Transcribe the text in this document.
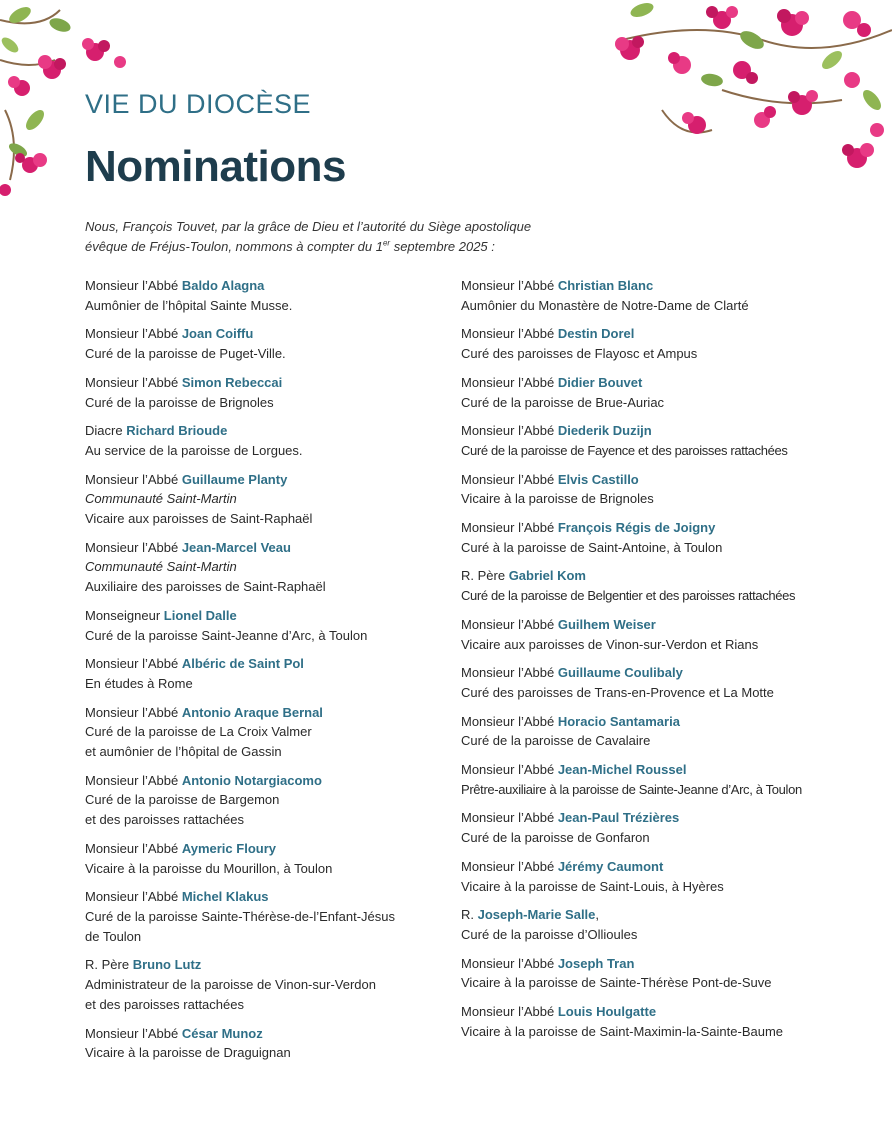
VIE DU DIOCÈSE
Nominations

Nous, François Touvet, par la grâce de Dieu et l’autorité du Siège apostolique
évêque de Fréjus-Toulon, nommons à compter du 1er septembre 2025 :

Monsieur l’Abbé Baldo Alagna

Aumônier de l’hôpital Sainte Musse.
Monsieur l’Abbé Joan Coiffu

Curé de la paroisse de Puget-Ville.
Monsieur l’Abbé Simon Rebeccai

Curé de la paroisse de Brignoles
Diacre Richard Brioude

Au service de la paroisse de Lorgues.
Monsieur l’Abbé Guillaume Planty
Communauté Saint-Martin
Vicaire aux paroisses de Saint-Raphaël
Monsieur l’Abbé Jean-Marcel Veau
Communauté Saint-Martin
Auxiliaire des paroisses de Saint-Raphaël
Monseigneur Lionel Dalle

Curé de la paroisse Saint-Jeanne d’Arc, à Toulon
Monsieur l’Abbé Albéric de Saint Pol

En études à Rome
Monsieur l’Abbé Antonio Araque Bernal

Curé de la paroisse de La Croix Valmer
et aumônier de l’hôpital de Gassin
Monsieur l’Abbé Antonio Notargiacomo

Curé de la paroisse de Bargemon
et des paroisses rattachées
Monsieur l’Abbé Aymeric Floury

Vicaire à la paroisse du Mourillon, à Toulon
Monsieur l’Abbé Michel Klakus

Curé de la paroisse Sainte-Thérèse-de-l’Enfant-Jésus
de Toulon
R. Père Bruno Lutz

Administrateur de la paroisse de Vinon-sur-Verdon
et des paroisses rattachées
Monsieur l’Abbé César Munoz

Vicaire à la paroisse de Draguignan
Monsieur l’Abbé Christian Blanc

Aumônier du Monastère de Notre-Dame de Clarté
Monsieur l’Abbé Destin Dorel

Curé des paroisses de Flayosc et Ampus
Monsieur l’Abbé Didier Bouvet

Curé de la paroisse de Brue-Auriac
Monsieur l’Abbé Diederik Duzijn

Curé de la paroisse de Fayence et des paroisses rattachées
Monsieur l’Abbé Elvis Castillo

Vicaire à la paroisse de Brignoles
Monsieur l’Abbé François Régis de Joigny

Curé à la paroisse de Saint-Antoine, à Toulon
R. Père Gabriel Kom

Curé de la paroisse de Belgentier et des paroisses rattachées
Monsieur l’Abbé Guilhem Weiser

Vicaire aux paroisses de Vinon-sur-Verdon et Rians
Monsieur l’Abbé Guillaume Coulibaly

Curé des paroisses de Trans-en-Provence et La Motte
Monsieur l’Abbé Horacio Santamaria

Curé de la paroisse de Cavalaire
Monsieur l’Abbé Jean-Michel Roussel

Prêtre-auxiliaire à la paroisse de Sainte-Jeanne d’Arc, à Toulon
Monsieur l’Abbé Jean-Paul Trézières

Curé de la paroisse de Gonfaron
Monsieur l’Abbé Jérémy Caumont

Vicaire à la paroisse de Saint-Louis, à Hyères
R. Joseph-Marie Salle,

Curé de la paroisse d’Ollioules
Monsieur l’Abbé Joseph Tran

Vicaire à la paroisse de Sainte-Thérèse Pont-de-Suve
Monsieur l’Abbé Louis Houlgatte

Vicaire à la paroisse de Saint-Maximin-la-Sainte-Baume
